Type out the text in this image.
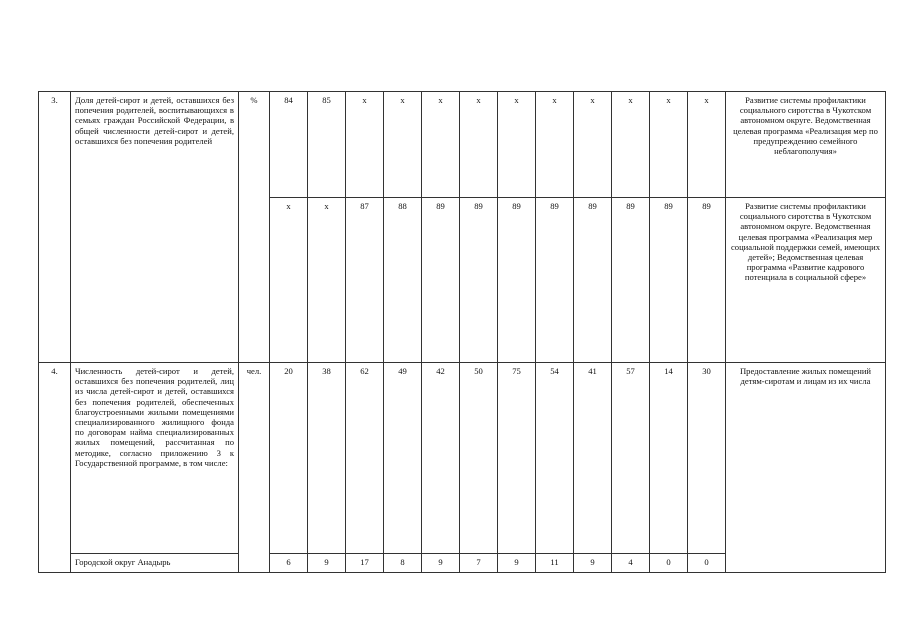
3.	Доля детей-сирот и детей, оставшихся без попечения родителей, воспитывающихся в семьях граждан Российской Федерации, в общей численности детей-сирот и детей, оставшихся без попечения родителей	%	84	85	x	x	x	x	x	x	x	x	x	x	Развитие системы профилактики социального сиротства в Чукотском автономном округе. Ведомственная целевая программа «Реализация мер по предупреждению семейного неблагополучия»
			x	x	87	88	89	89	89	89	89	89	89	89	Развитие системы профилактики социального сиротства в Чукотском автономном округе. Ведомственная целевая программа «Реализация мер социальной поддержки семей, имеющих детей»; Ведомственная целевая программа «Развитие кадрового потенциала в социальной сфере»
4.	Численность детей-сирот и детей, оставшихся без попечения родителей, лиц из числа детей-сирот и детей, оставшихся без попечения родителей, обеспеченных благоустроенными жилыми помещениями специализированного жилищного фонда по договорам найма специализированных жилых помещений, рассчитанная по методике, согласно приложению 3 к Государственной программе, в том числе:	чел.	20	38	62	49	42	50	75	54	41	57	14	30	Предоставление жилых помещений детям-сиротам и лицам из их числа
	Городской округ Анадырь		6	9	17	8	9	7	9	11	9	4	0	0	
